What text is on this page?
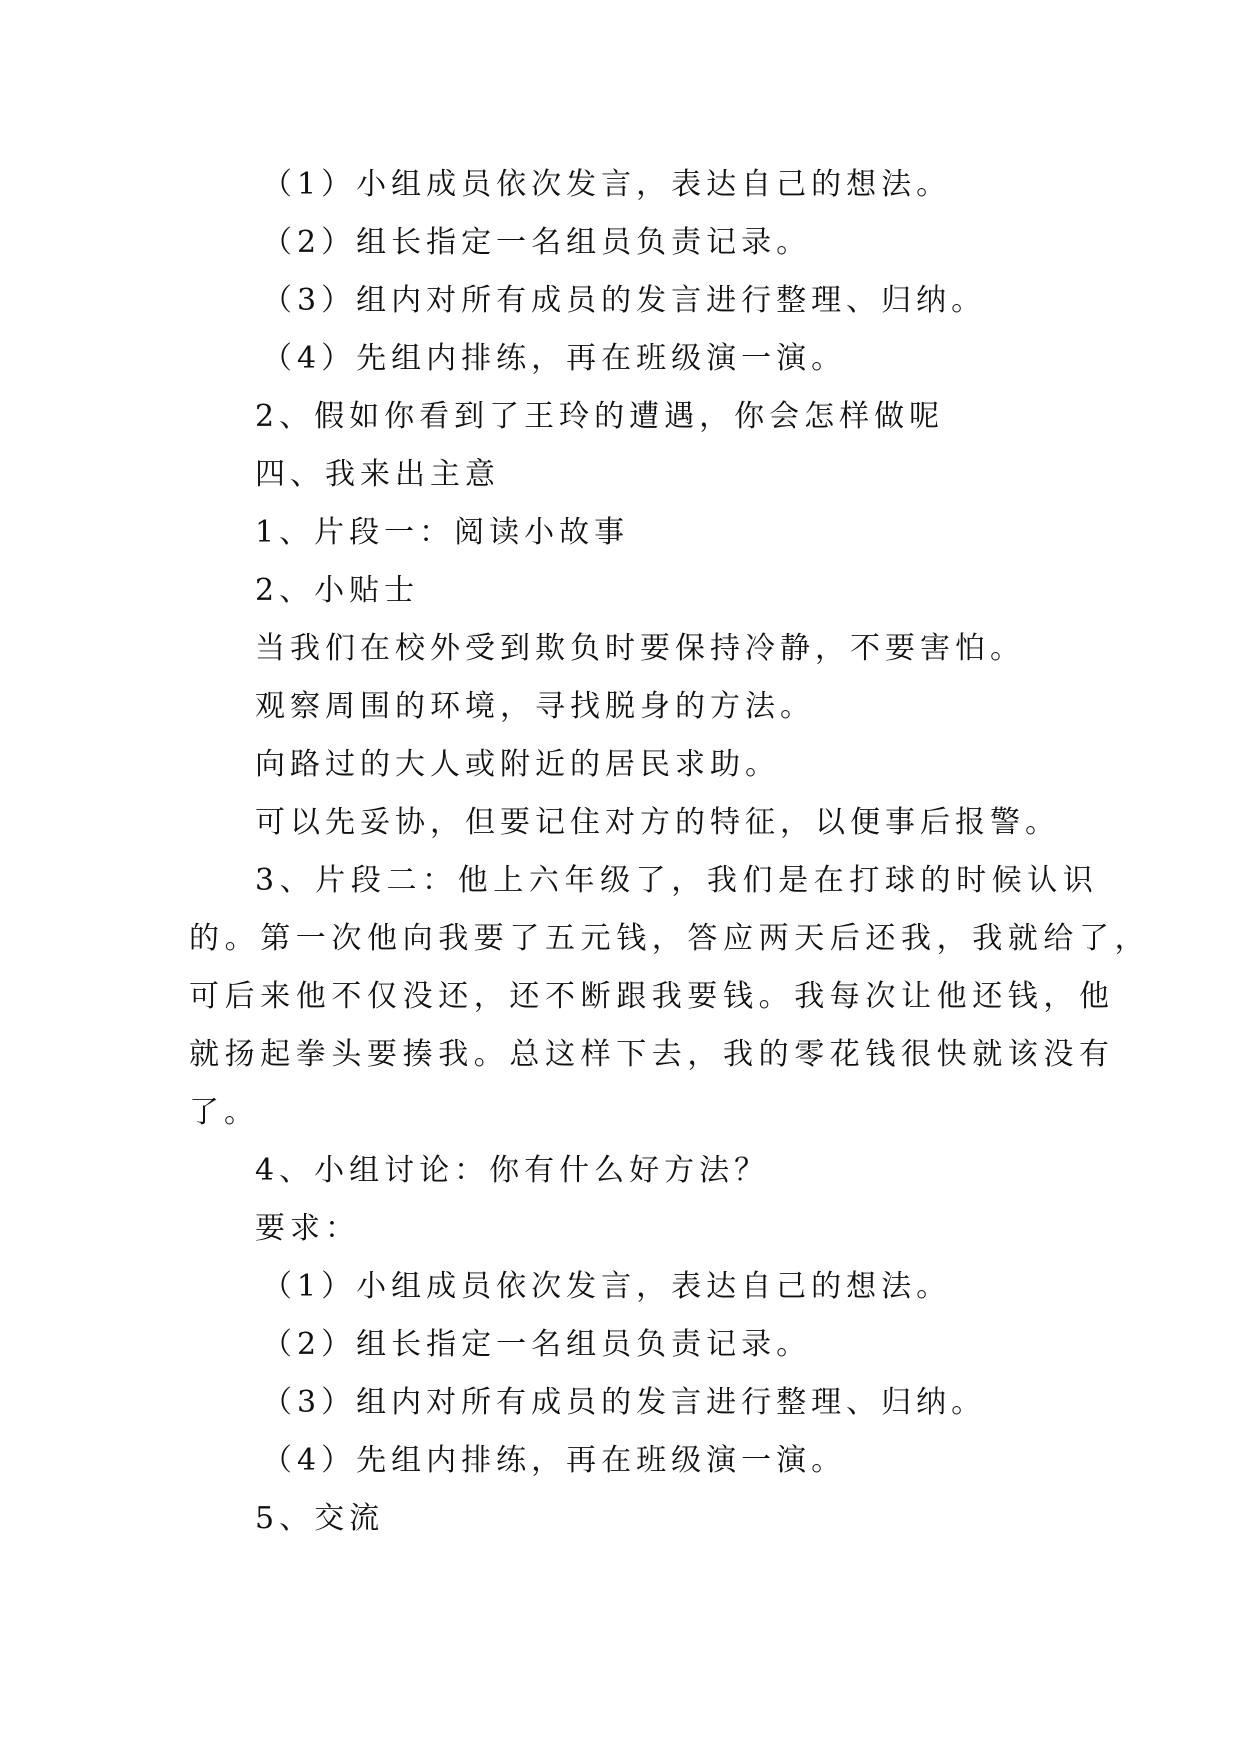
（1）小组成员依次发言，表达自己的想法。
（2）组长指定一名组员负责记录。
（3）组内对所有成员的发言进行整理、归纳。
（4）先组内排练，再在班级演一演。
2、假如你看到了王玲的遭遇，你会怎样做呢
四、我来出主意
1、片段一：阅读小故事
2、小贴士
当我们在校外受到欺负时要保持冷静，不要害怕。
观察周围的环境，寻找脱身的方法。
向路过的大人或附近的居民求助。
可以先妥协，但要记住对方的特征，以便事后报警。
3、片段二：他上六年级了，我们是在打球的时候认识
的。第一次他向我要了五元钱，答应两天后还我，我就给了，
可后来他不仅没还，还不断跟我要钱。我每次让他还钱，他
就扬起拳头要揍我。总这样下去，我的零花钱很快就该没有
了。
4、小组讨论：你有什么好方法？
要求：
（1）小组成员依次发言，表达自己的想法。
（2）组长指定一名组员负责记录。
（3）组内对所有成员的发言进行整理、归纳。
（4）先组内排练，再在班级演一演。
5、交流
